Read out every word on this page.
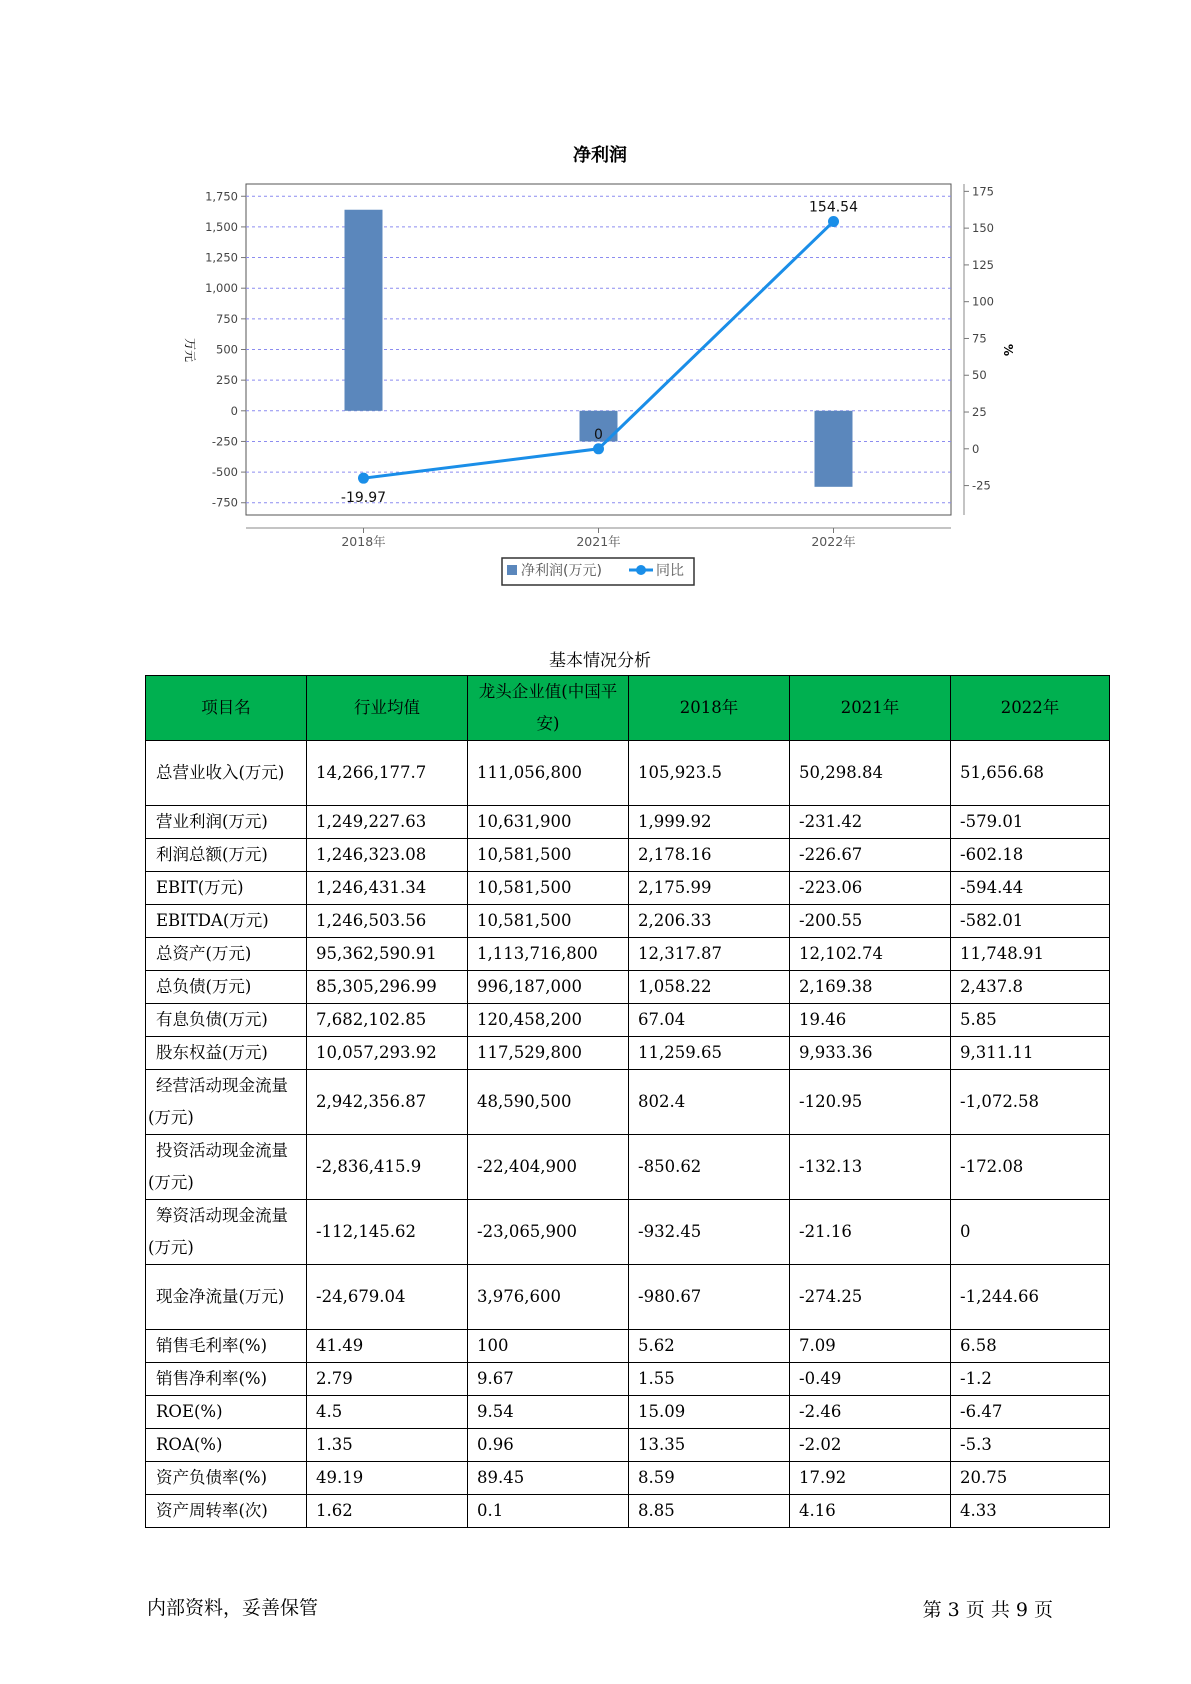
净利润
1,750
1,500
1,250
1,000
750
500
250
0
-250
-500
-750
175
150
125
100
75
50
25
0
-25
-19.97
0
154.54
2018年	2021年	2022年
万元	%
净利润(万元)	同比
基本情况分析
项目名	行业均值	龙头企业值(中国平安)	2018年	2021年	2022年
总营业收入(万元)	14,266,177.7	111,056,800	105,923.5	50,298.84	51,656.68
营业利润(万元)	1,249,227.63	10,631,900	1,999.92	-231.42	-579.01
利润总额(万元)	1,246,323.08	10,581,500	2,178.16	-226.67	-602.18
EBIT(万元)	1,246,431.34	10,581,500	2,175.99	-223.06	-594.44
EBITDA(万元)	1,246,503.56	10,581,500	2,206.33	-200.55	-582.01
总资产(万元)	95,362,590.91	1,113,716,800	12,317.87	12,102.74	11,748.91
总负债(万元)	85,305,296.99	996,187,000	1,058.22	2,169.38	2,437.8
有息负债(万元)	7,682,102.85	120,458,200	67.04	19.46	5.85
股东权益(万元)	10,057,293.92	117,529,800	11,259.65	9,933.36	9,311.11
经营活动现金流量(万元)	2,942,356.87	48,590,500	802.4	-120.95	-1,072.58
投资活动现金流量(万元)	-2,836,415.9	-22,404,900	-850.62	-132.13	-172.08
筹资活动现金流量(万元)	-112,145.62	-23,065,900	-932.45	-21.16	0
现金净流量(万元)	-24,679.04	3,976,600	-980.67	-274.25	-1,244.66
销售毛利率(%)	41.49	100	5.62	7.09	6.58
销售净利率(%)	2.79	9.67	1.55	-0.49	-1.2
ROE(%)	4.5	9.54	15.09	-2.46	-6.47
ROA(%)	1.35	0.96	13.35	-2.02	-5.3
资产负债率(%)	49.19	89.45	8.59	17.92	20.75
资产周转率(次)	1.62	0.1	8.85	4.16	4.33
内部资料，妥善保管	第 3 页 共 9 页
